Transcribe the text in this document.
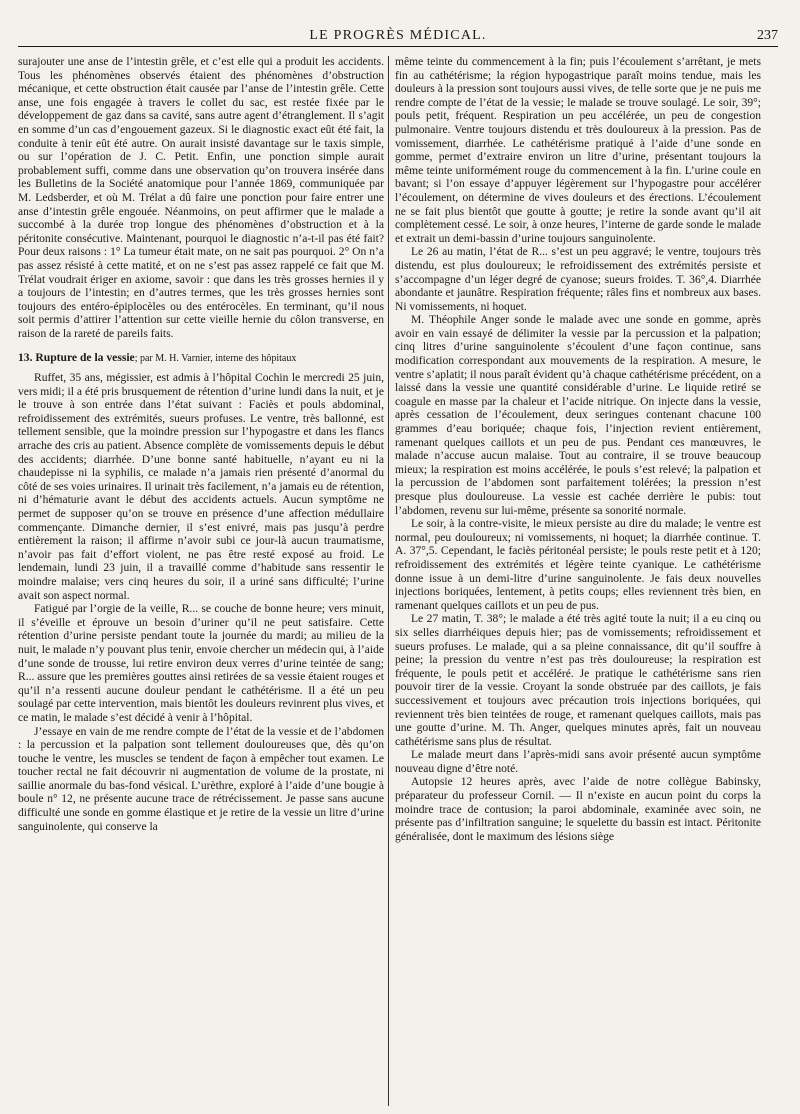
LE PROGRÈS MÉDICAL.	237

surajouter une anse de l’intestin grêle, et c’est elle qui a produit les accidents. Tous les phénomènes observés étaient des phénomènes d’obstruction mécanique, et cette obstruction était causée par l’anse de l’intestin grêle. Cette anse, une fois engagée à travers le collet du sac, est restée fixée par le développement de gaz dans sa cavité, sans autre agent d’étranglement. Il s’agit en somme d’un cas d’engouement gazeux. Si le diagnostic exact eût été fait, la conduite à tenir eût été autre. On aurait insisté davantage sur le taxis simple, ou sur l’opération de J. C. Petit. Enfin, une ponction simple aurait probablement suffi, comme dans une observation qu’on trouvera insérée dans les Bulletins de la Société anatomique pour l’année 1869, communiquée par M. Ledsberder, et où M. Trélat a dû faire une ponction pour faire entrer une anse d’intestin grêle engouée. Néanmoins, on peut affirmer que le malade a succombé à la durée trop longue des phénomènes d’obstruction et à la péritonite consécutive. Maintenant, pourquoi le diagnostic n’a-t-il pas été fait? Pour deux raisons : 1° La tumeur était mate, on ne sait pas pourquoi. 2° On n’a pas assez résisté à cette matité, et on ne s’est pas assez rappelé ce fait que M. Trélat voudrait ériger en axiome, savoir : que dans les très grosses hernies il y a toujours de l’intestin; en d’autres termes, que les très grosses hernies sont toujours des entéro-épiplocèles ou des entérocèles. En terminant, qu’il nous soit permis d’attirer l’attention sur cette vieille hernie du côlon transverse, en raison de la rareté de pareils faits.

13. Rupture de la vessie; par M. H. Varnier, interne des hôpitaux

Ruffet, 35 ans, mégissier, est admis à l’hôpital Cochin le mercredi 25 juin, vers midi; il a été pris brusquement de rétention d’urine lundi dans la nuit, et je le trouve à son entrée dans l’état suivant : Faciès et pouls abdominal, refroidissement des extrémités, sueurs profuses. Le ventre, très ballonné, est tellement sensible, que la moindre pression sur l’hypogastre et dans les flancs arrache des cris au patient. Absence complète de vomissements depuis le début des accidents; diarrhée. D’une bonne santé habituelle, n’ayant eu ni la chaudepisse ni la syphilis, ce malade n’a jamais rien présenté d’anormal du côté de ses voies urinaires. Il urinait très facilement, n’a jamais eu de rétention, ni d’hématurie avant le début des accidents actuels. Aucun symptôme ne permet de supposer qu’on se trouve en présence d’une affection médullaire commençante. Dimanche dernier, il s’est enivré, mais pas jusqu’à perdre entièrement la raison; il affirme n’avoir subi ce jour-là aucun traumatisme, n’avoir pas fait d’effort violent, ne pas être resté exposé au froid. Le lendemain, lundi 23 juin, il a travaillé comme d’habitude sans ressentir le moindre malaise; vers cinq heures du soir, il a uriné sans difficulté; l’urine avait son aspect normal.

Fatigué par l’orgie de la veille, R... se couche de bonne heure; vers minuit, il s’éveille et éprouve un besoin d’uriner qu’il ne peut satisfaire. Cette rétention d’urine persiste pendant toute la journée du mardi; au milieu de la nuit, le malade n’y pouvant plus tenir, envoie chercher un médecin qui, à l’aide d’une sonde de trousse, lui retire environ deux verres d’urine teintée de sang; R... assure que les premières gouttes ainsi retirées de sa vessie étaient rouges et qu’il n’a ressenti aucune douleur pendant le cathétérisme. Il a été un peu soulagé par cette intervention, mais bientôt les douleurs revinrent plus vives, et ce matin, le malade s’est décidé à venir à l’hôpital.

J’essaye en vain de me rendre compte de l’état de la vessie et de l’abdomen : la percussion et la palpation sont tellement douloureuses que, dès qu’on touche le ventre, les muscles se tendent de façon à empêcher tout examen. Le toucher rectal ne fait découvrir ni augmentation de volume de la prostate, ni saillie anormale du bas-fond vésical. L’urèthre, exploré à l’aide d’une bougie à boule n° 12, ne présente aucune trace de rétrécissement. Je passe sans aucune difficulté une sonde en gomme élastique et je retire de la vessie un litre d’urine sanguinolente, qui conserve la

même teinte du commencement à la fin; puis l’écoulement s’arrêtant, je mets fin au cathétérisme; la région hypogastrique paraît moins tendue, mais les douleurs à la pression sont toujours aussi vives, de telle sorte que je ne puis me rendre compte de l’état de la vessie; le malade se trouve soulagé. Le soir, 39°; pouls petit, fréquent. Respiration un peu accélérée, un peu de congestion pulmonaire. Ventre toujours distendu et très douloureux à la pression. Pas de vomissement, diarrhée. Le cathétérisme pratiqué à l’aide d’une sonde en gomme, permet d’extraire environ un litre d’urine, présentant toujours la même teinte uniformément rouge du commencement à la fin. L’urine coule en bavant; si l’on essaye d’appuyer légèrement sur l’hypogastre pour accélérer l’écoulement, on détermine de vives douleurs et des érections. L’écoulement ne se fait plus bientôt que goutte à goutte; je retire la sonde avant qu’il ait complètement cessé. Le soir, à onze heures, l’interne de garde sonde le malade et extrait un demi-bassin d’urine toujours sanguinolente.

Le 26 au matin, l’état de R... s’est un peu aggravé; le ventre, toujours très distendu, est plus douloureux; le refroidissement des extrémités persiste et s’accompagne d’un léger degré de cyanose; sueurs froides. T. 36°,4. Diarrhée abondante et jaunâtre. Respiration fréquente; râles fins et nombreux aux bases. Ni vomissements, ni hoquet.

M. Théophile Anger sonde le malade avec une sonde en gomme, après avoir en vain essayé de délimiter la vessie par la percussion et la palpation; cinq litres d’urine sanguinolente s’écoulent d’une façon continue, sans modification correspondant aux mouvements de la respiration. A mesure, le ventre s’aplatit; il nous paraît évident qu’à chaque cathétérisme précédent, on a laissé dans la vessie une quantité considérable d’urine. Le liquide retiré se coagule en masse par la chaleur et l’acide nitrique. On injecte dans la vessie, après cessation de l’écoulement, deux seringues contenant chacune 100 grammes d’eau boriquée; chaque fois, l’injection revient entièrement, ramenant quelques caillots et un peu de pus. Pendant ces manœuvres, le malade n’accuse aucun malaise. Tout au contraire, il se trouve beaucoup mieux; la respiration est moins accélérée, le pouls s’est relevé; la palpation et la percussion de l’abdomen sont parfaitement tolérées; la pression n’est presque plus douloureuse. La vessie est cachée derrière le pubis: tout l’abdomen, revenu sur lui-même, présente sa sonorité normale.

Le soir, à la contre-visite, le mieux persiste au dire du malade; le ventre est normal, peu douloureux; ni vomissements, ni hoquet; la diarrhée continue. T. A. 37°,5. Cependant, le faciès péritonéal persiste; le pouls reste petit et à 120; refroidissement des extrémités et légère teinte cyanique. Le cathétérisme donne issue à un demi-litre d’urine sanguinolente. Je fais deux nouvelles injections boriquées, lentement, à petits coups; elles reviennent très bien, en ramenant quelques caillots et un peu de pus.

Le 27 matin, T. 38°; le malade a été très agité toute la nuit; il a eu cinq ou six selles diarrhéiques depuis hier; pas de vomissements; refroidissement et sueurs profuses. Le malade, qui a sa pleine connaissance, dit qu’il souffre à peine; la pression du ventre n’est pas très douloureuse; la respiration est fréquente, le pouls petit et accéléré. Je pratique le cathétérisme sans rien pouvoir tirer de la vessie. Croyant la sonde obstruée par des caillots, je fais successivement et toujours avec précaution trois injections boriquées, qui reviennent très bien teintées de rouge, et ramenant quelques caillots, mais pas une goutte d’urine. M. Th. Anger, quelques minutes après, fait un nouveau cathétérisme sans plus de résultat.

Le malade meurt dans l’après-midi sans avoir présenté aucun symptôme nouveau digne d’être noté.

Autopsie 12 heures après, avec l’aide de notre collègue Babinsky, préparateur du professeur Cornil. — Il n’existe en aucun point du corps la moindre trace de contusion; la paroi abdominale, examinée avec soin, ne présente pas d’infiltration sanguine; le squelette du bassin est intact. Péritonite généralisée, dont le maximum des lésions siège
